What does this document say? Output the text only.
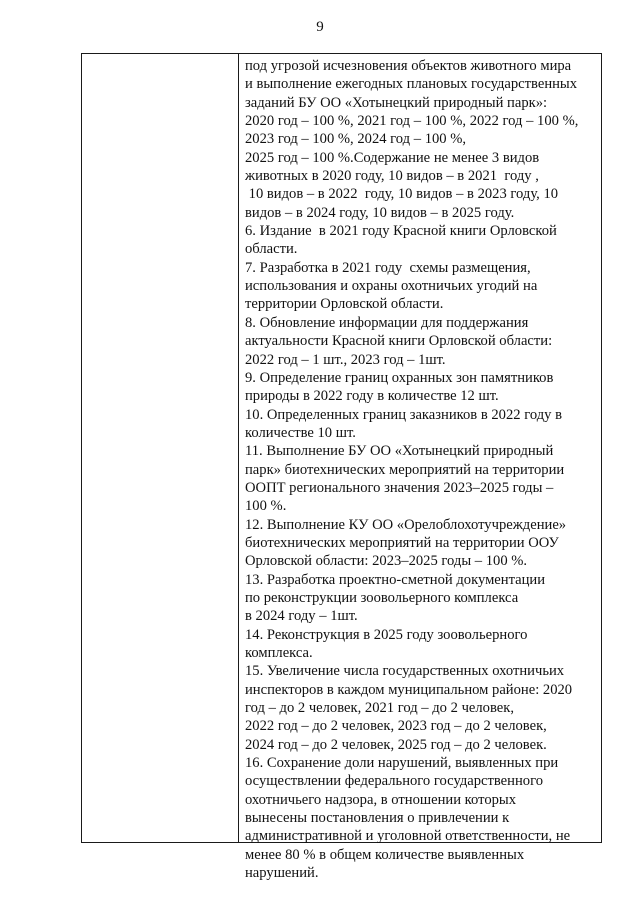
9
под угрозой исчезновения объектов животного мира
и выполнение ежегодных плановых государственных
заданий БУ ОО «Хотынецкий природный парк»:
2020 год – 100 %, 2021 год – 100 %, 2022 год – 100 %,
2023 год – 100 %, 2024 год – 100 %,
2025 год – 100 %.Содержание не менее 3 видов
животных в 2020 году, 10 видов – в 2021  году ,
10 видов – в 2022  году, 10 видов – в 2023 году, 10
видов – в 2024 году, 10 видов – в 2025 году.
6. Издание  в 2021 году Красной книги Орловской
области.
7. Разработка в 2021 году  схемы размещения,
использования и охраны охотничьих угодий на
территории Орловской области.
8. Обновление информации для поддержания
актуальности Красной книги Орловской области:
2022 год – 1 шт., 2023 год – 1шт.
9. Определение границ охранных зон памятников
природы в 2022 году в количестве 12 шт.
10. Определенных границ заказников в 2022 году в
количестве 10 шт.
11. Выполнение БУ ОО «Хотынецкий природный
парк» биотехнических мероприятий на территории
ООПТ регионального значения 2023–2025 годы –
100 %.
12. Выполнение КУ ОО «Орелоблохотучреждение»
биотехнических мероприятий на территории ООУ
Орловской области: 2023–2025 годы – 100 %.
13. Разработка проектно-сметной документации
по реконструкции зоовольерного комплекса
в 2024 году – 1шт.
14. Реконструкция в 2025 году зоовольерного
комплекса.
15. Увеличение числа государственных охотничьих
инспекторов в каждом муниципальном районе: 2020
год – до 2 человек, 2021 год – до 2 человек,
2022 год – до 2 человек, 2023 год – до 2 человек,
2024 год – до 2 человек, 2025 год – до 2 человек.
16. Сохранение доли нарушений, выявленных при
осуществлении федерального государственного
охотничьего надзора, в отношении которых
вынесены постановления о привлечении к
административной и уголовной ответственности, не
менее 80 % в общем количестве выявленных
нарушений.
